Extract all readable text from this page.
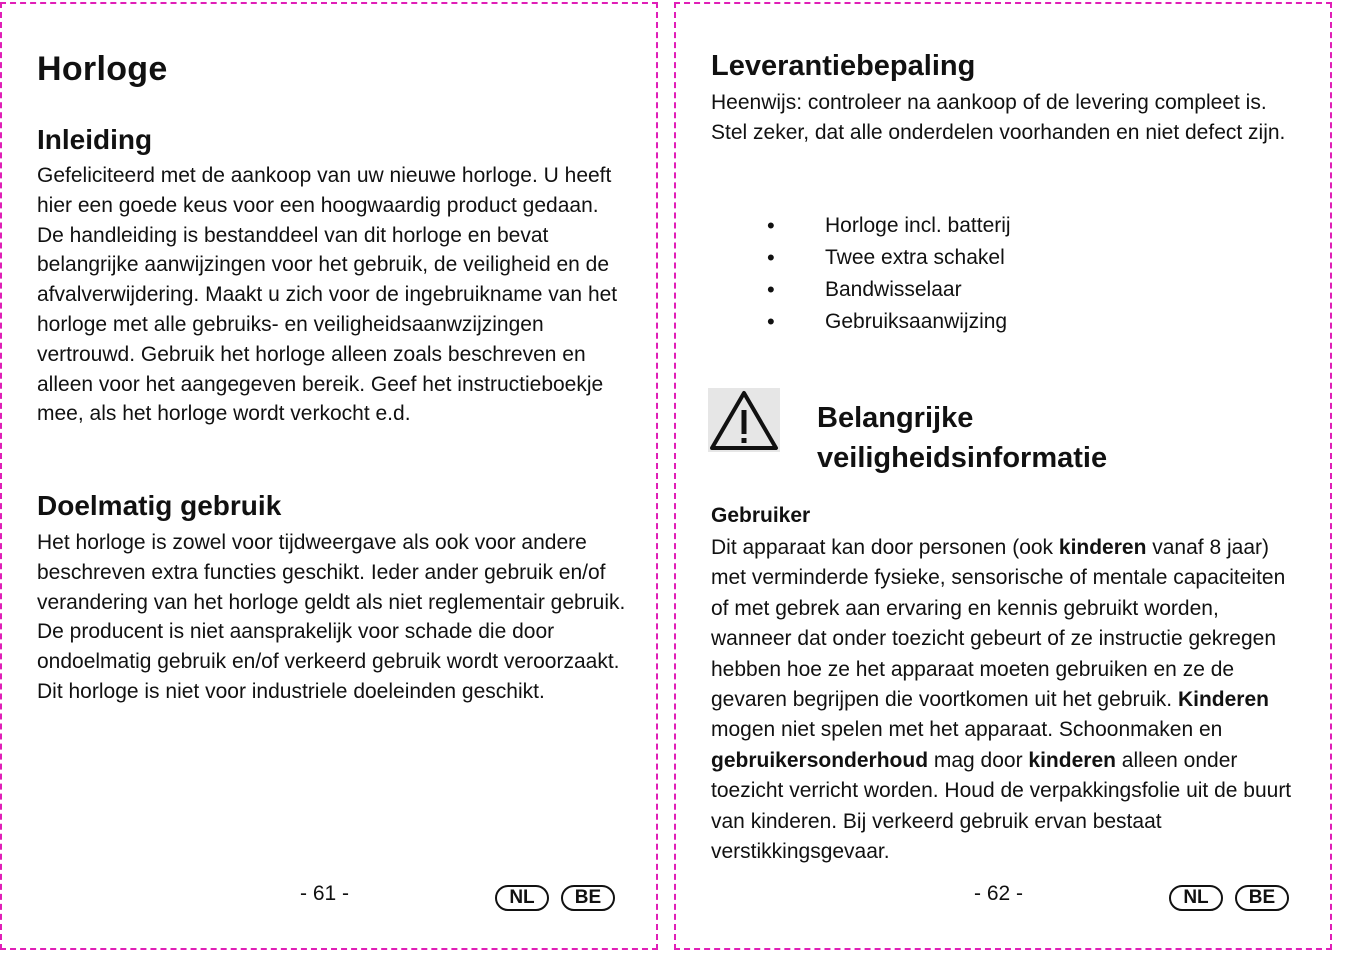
Horloge
Inleiding

Gefeliciteerd met de aankoop van uw nieuwe horloge. U heeft hier een goede keus voor een hoogwaardig product gedaan. De handleiding is bestanddeel van dit horloge en bevat belangrijke aanwijzingen voor het gebruik, de veiligheid en de afvalverwijdering. Maakt u zich voor de ingebruikname van het horloge met alle gebruiks- en veiligheidsaanwzijzingen vertrouwd. Gebruik het horloge alleen zoals beschreven en alleen voor het aangegeven bereik. Geef het instructieboekje mee, als het horloge wordt verkocht e.d.

Doelmatig gebruik

Het horloge is zowel voor tijdweergave als ook voor andere beschreven extra functies geschikt. Ieder ander gebruik en/of verandering van het horloge geldt als niet reglementair gebruik. De producent is niet aansprakelijk voor schade die door ondoelmatig gebruik en/of verkeerd gebruik wordt veroorzaakt. Dit horloge is niet voor industriele doeleinden geschikt.

- 61 -	NL	BE
Leverantiebepaling

Heenwijs: controleer na aankoop of de levering compleet is. Stel zeker, dat alle onderdelen voorhanden en niet defect zijn.

• Horloge incl. batterij
• Twee extra schakel
• Bandwisselaar
• Gebruiksaanwijzing
Belangrijke
veiligheidsinformatie

Gebruiker

Dit apparaat kan door personen (ook kinderen vanaf 8 jaar) met verminderde fysieke, sensorische of mentale capaciteiten of met gebrek aan ervaring en kennis gebruikt worden, wanneer dat onder toezicht gebeurt of ze instructie gekregen hebben hoe ze het apparaat moeten gebruiken en ze de gevaren begrijpen die voortkomen uit het gebruik. Kinderen mogen niet spelen met het apparaat. Schoonmaken en gebruikersonderhoud mag door kinderen alleen onder toezicht verricht worden. Houd de verpakkingsfolie uit de buurt van kinderen. Bij verkeerd gebruik ervan bestaat verstikkingsgevaar.

- 62 -	NL	BE
